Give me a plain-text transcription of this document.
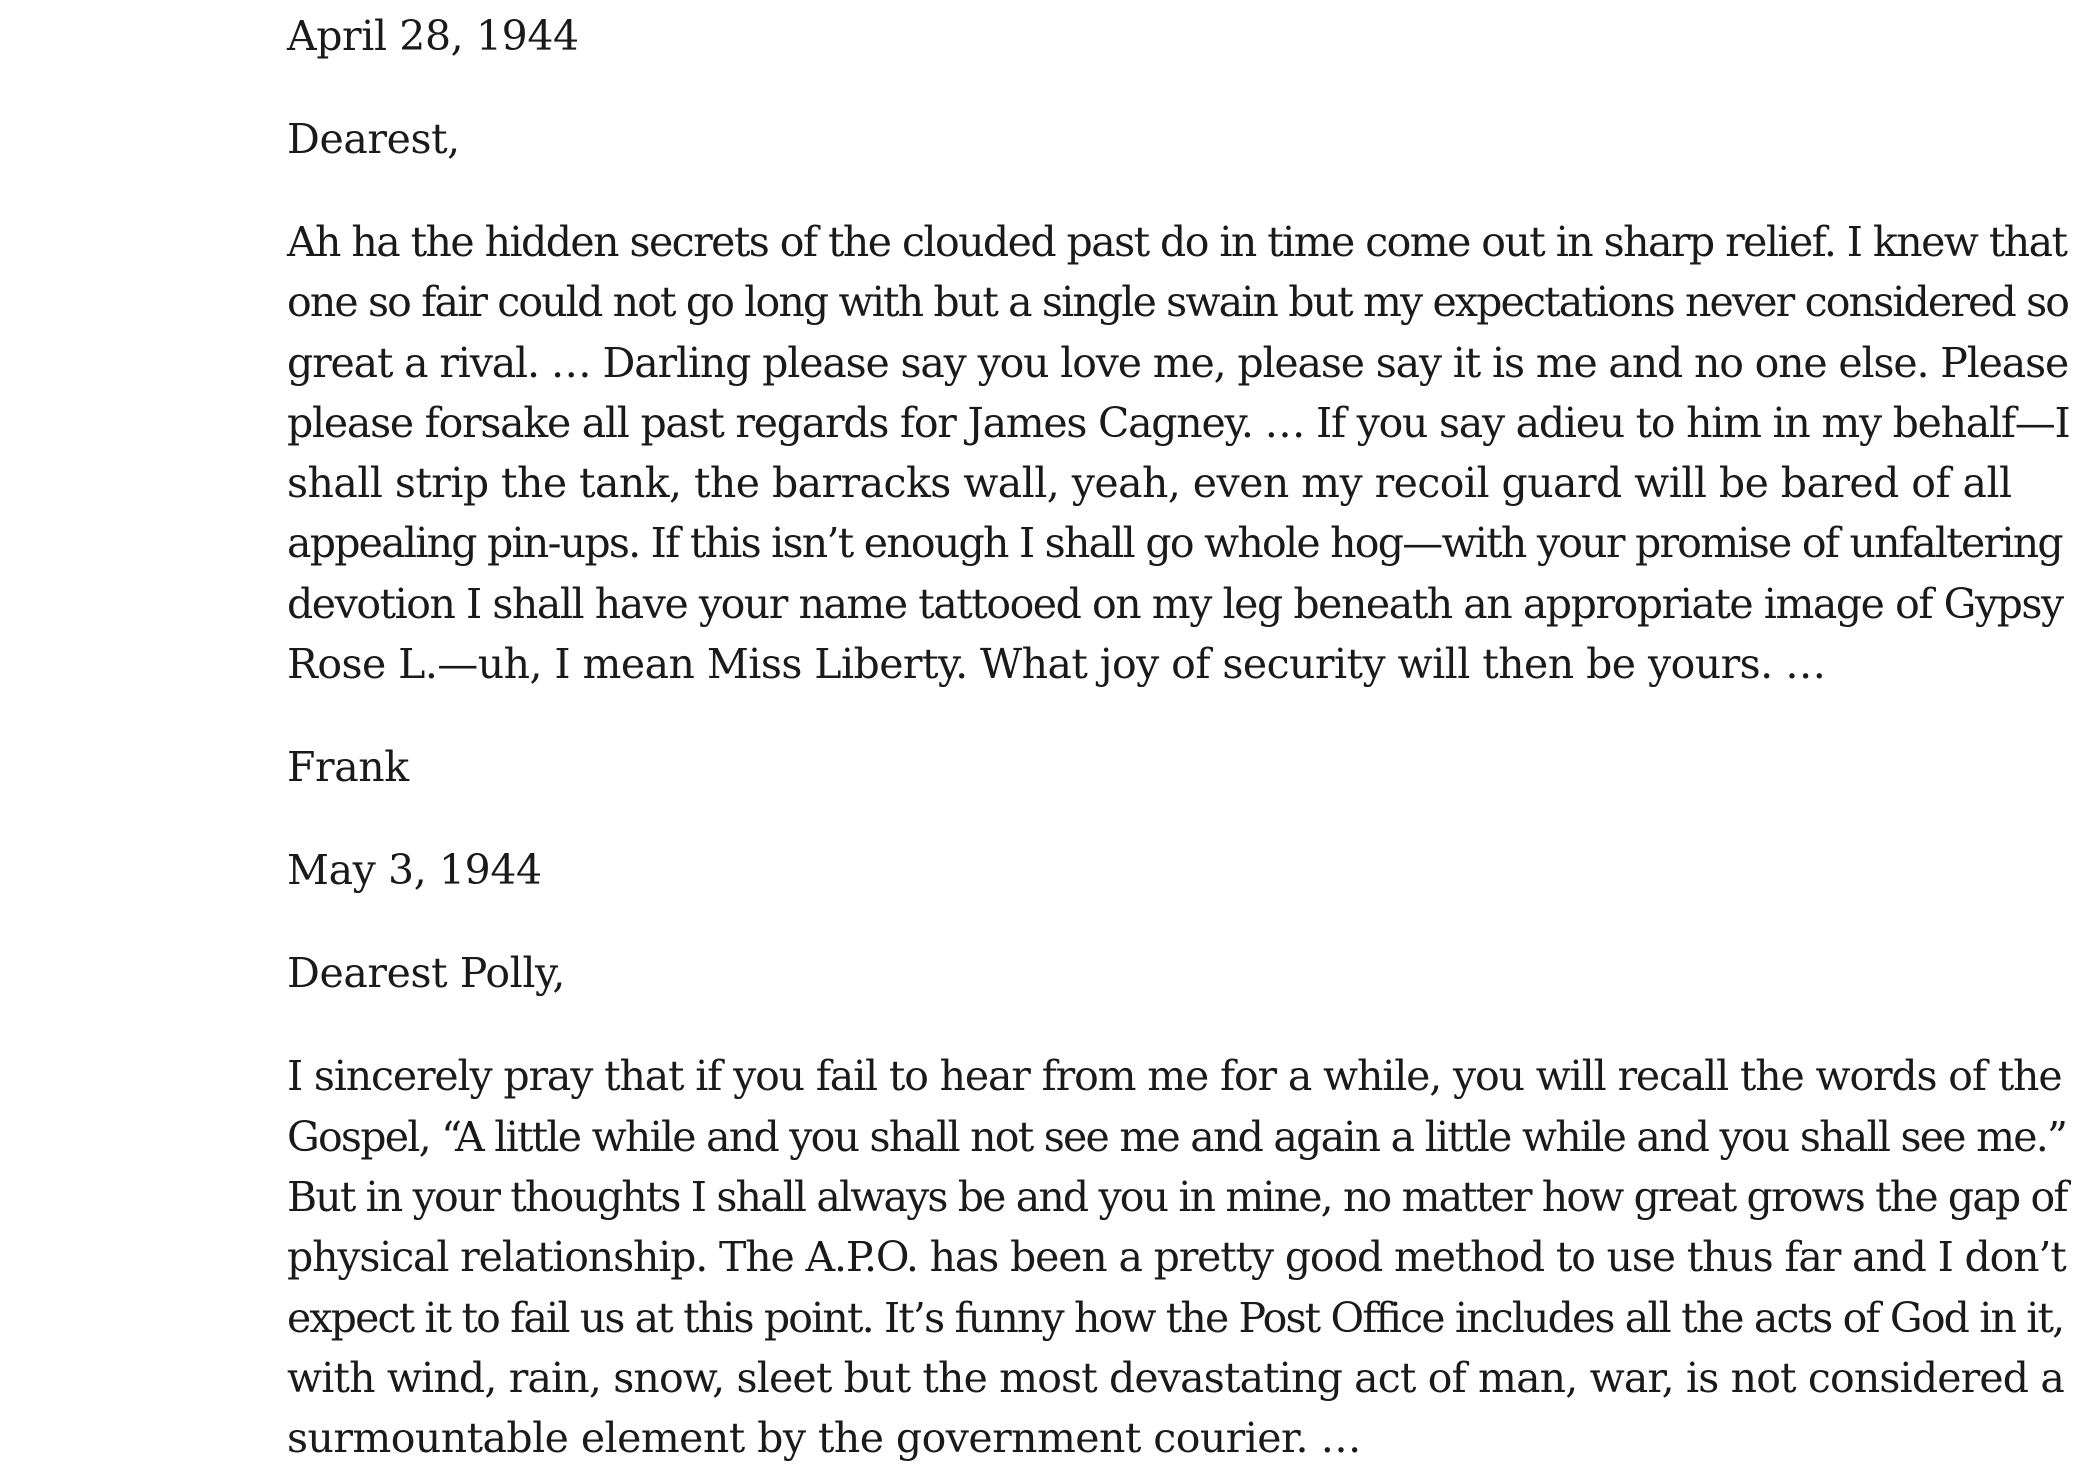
April 28, 1944

Dearest,

Ah ha the hidden secrets of the clouded past do in time come out in sharp relief. I knew that
one so fair could not go long with but a single swain but my expectations never considered so
great a rival. … Darling please say you love me, please say it is me and no one else. Please
please forsake all past regards for James Cagney. … If you say adieu to him in my behalf—I
shall strip the tank, the barracks wall, yeah, even my recoil guard will be bared of all
appealing pin-ups. If this isn’t enough I shall go whole hog—with your promise of unfaltering
devotion I shall have your name tattooed on my leg beneath an appropriate image of Gypsy
Rose L.—uh, I mean Miss Liberty. What joy of security will then be yours. …

Frank

May 3, 1944

Dearest Polly,

I sincerely pray that if you fail to hear from me for a while, you will recall the words of the
Gospel, “A little while and you shall not see me and again a little while and you shall see me.”
But in your thoughts I shall always be and you in mine, no matter how great grows the gap of
physical relationship. The A.P.O. has been a pretty good method to use thus far and I don’t
expect it to fail us at this point. It’s funny how the Post Office includes all the acts of God in it,
with wind, rain, snow, sleet but the most devastating act of man, war, is not considered a
surmountable element by the government courier. …
